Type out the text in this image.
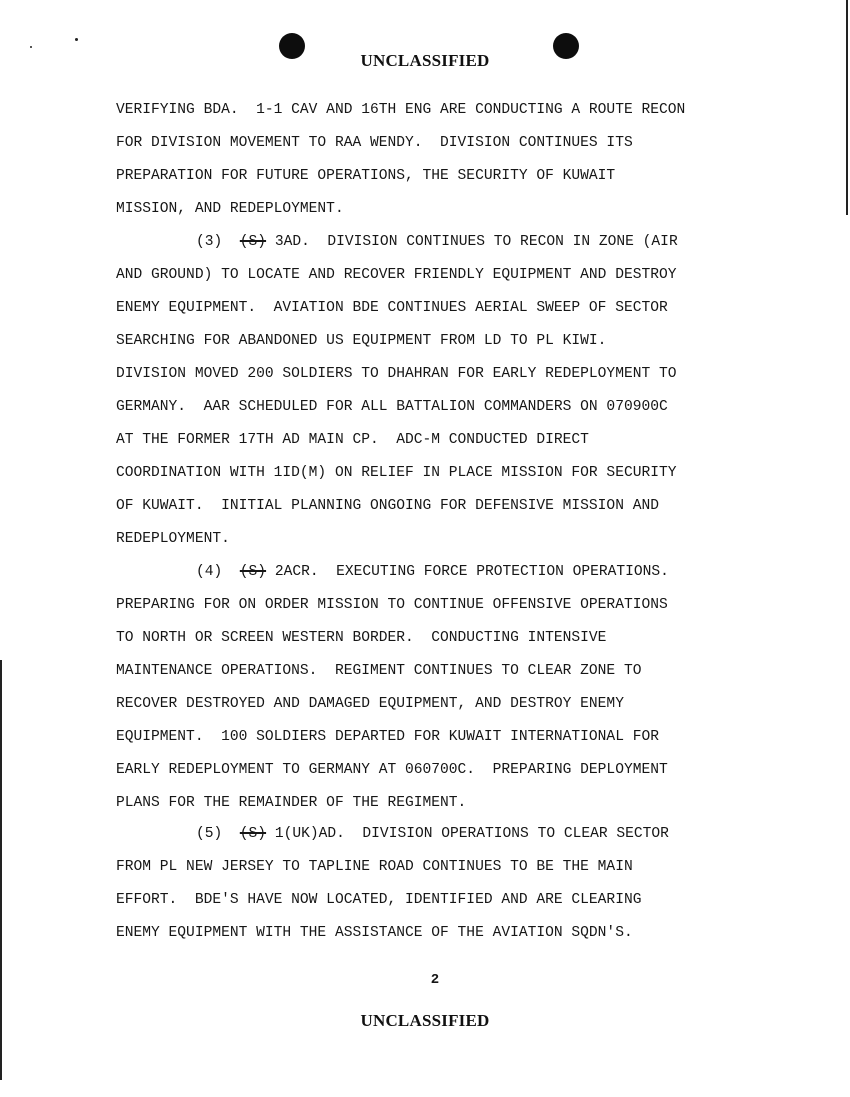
UNCLASSIFIED
VERIFYING BDA.  1-1 CAV AND 16TH ENG ARE CONDUCTING A ROUTE RECON
FOR DIVISION MOVEMENT TO RAA WENDY.  DIVISION CONTINUES ITS
PREPARATION FOR FUTURE OPERATIONS, THE SECURITY OF KUWAIT
MISSION, AND REDEPLOYMENT.
(3) (S) 3AD.  DIVISION CONTINUES TO RECON IN ZONE (AIR
AND GROUND) TO LOCATE AND RECOVER FRIENDLY EQUIPMENT AND DESTROY
ENEMY EQUIPMENT.  AVIATION BDE CONTINUES AERIAL SWEEP OF SECTOR
SEARCHING FOR ABANDONED US EQUIPMENT FROM LD TO PL KIWI.
DIVISION MOVED 200 SOLDIERS TO DHAHRAN FOR EARLY REDEPLOYMENT TO
GERMANY.  AAR SCHEDULED FOR ALL BATTALION COMMANDERS ON 070900C
AT THE FORMER 17TH AD MAIN CP.  ADC-M CONDUCTED DIRECT
COORDINATION WITH 1ID(M) ON RELIEF IN PLACE MISSION FOR SECURITY
OF KUWAIT.  INITIAL PLANNING ONGOING FOR DEFENSIVE MISSION AND
REDEPLOYMENT.
(4) (S) 2ACR.  EXECUTING FORCE PROTECTION OPERATIONS.
PREPARING FOR ON ORDER MISSION TO CONTINUE OFFENSIVE OPERATIONS
TO NORTH OR SCREEN WESTERN BORDER.  CONDUCTING INTENSIVE
MAINTENANCE OPERATIONS.  REGIMENT CONTINUES TO CLEAR ZONE TO
RECOVER DESTROYED AND DAMAGED EQUIPMENT, AND DESTROY ENEMY
EQUIPMENT.  100 SOLDIERS DEPARTED FOR KUWAIT INTERNATIONAL FOR
EARLY REDEPLOYMENT TO GERMANY AT 060700C.  PREPARING DEPLOYMENT
PLANS FOR THE REMAINDER OF THE REGIMENT.
(5) (S) 1(UK)AD.  DIVISION OPERATIONS TO CLEAR SECTOR
FROM PL NEW JERSEY TO TAPLINE ROAD CONTINUES TO BE THE MAIN
EFFORT.  BDE'S HAVE NOW LOCATED, IDENTIFIED AND ARE CLEARING
ENEMY EQUIPMENT WITH THE ASSISTANCE OF THE AVIATION SQDN'S.
2
UNCLASSIFIED
